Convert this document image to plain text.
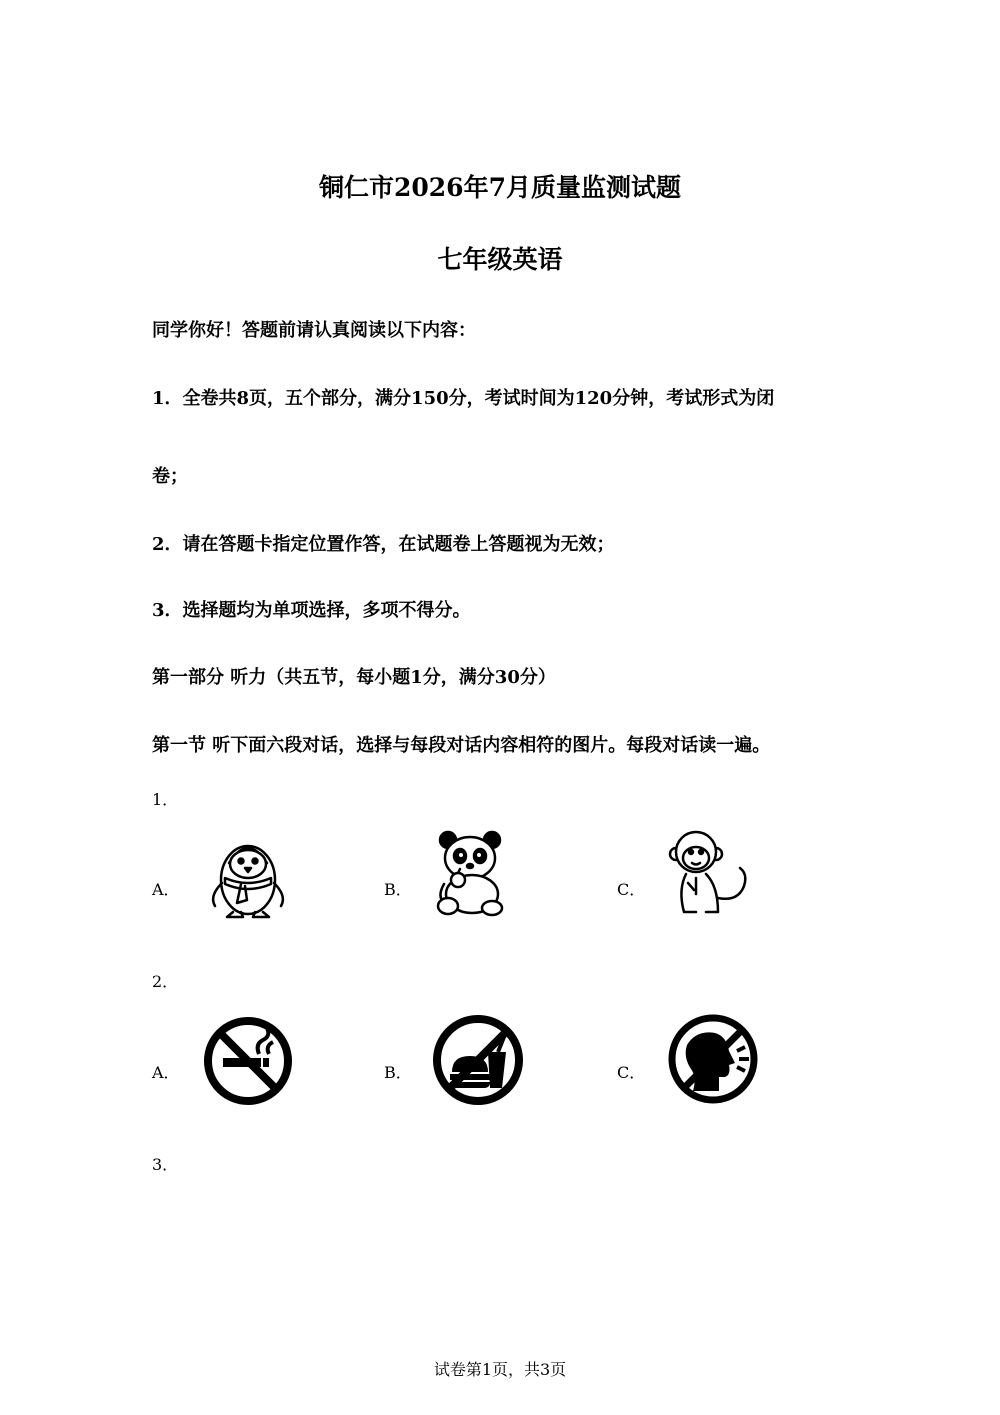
铜仁市2026年7月质量监测试题
七年级英语
同学你好！答题前请认真阅读以下内容：
1．全卷共8页，五个部分，满分150分，考试时间为120分钟，考试形式为闭
卷；
2．请在答题卡指定位置作答，在试题卷上答题视为无效；
3．选择题均为单项选择，多项不得分。
第一部分 听力（共五节，每小题1分，满分30分）
第一节 听下面六段对话，选择与每段对话内容相符的图片。每段对话读一遍。
1．
A．	B．	C．
2．
A．	B．	C．
3．
试卷第1页，共3页
